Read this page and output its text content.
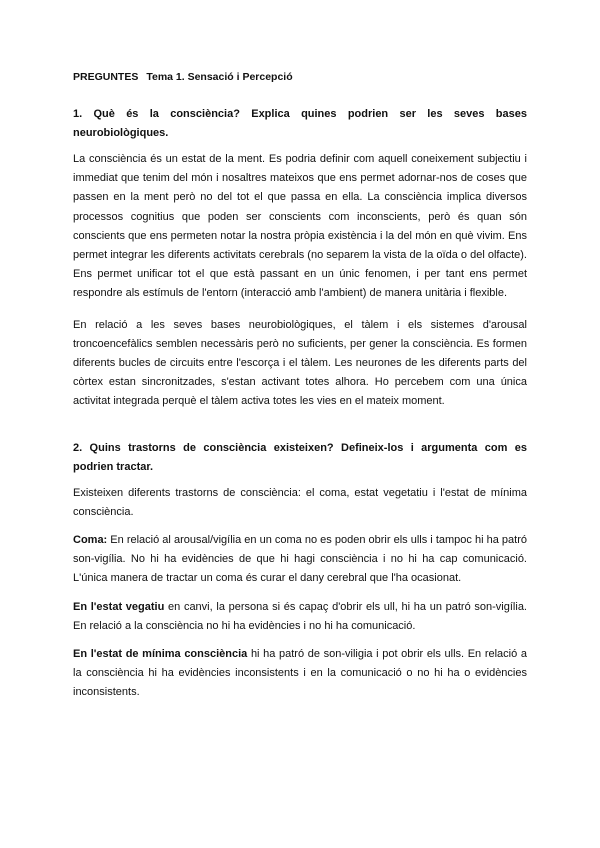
PREGUNTES Tema 1. Sensació i Percepció
1. Què és la consciència? Explica quines podrien ser les seves bases neurobiològiques.

La consciència és un estat de la ment. Es podria definir com aquell coneixement subjectiu i immediat que tenim del món i nosaltres mateixos que ens permet adornar-nos de coses que passen en la ment però no del tot el que passa en ella. La consciència implica diversos processos cognitius que poden ser conscients com inconscients, però és quan són conscients que ens permeten notar la nostra pròpia existència i la del món en què vivim. Ens permet integrar les diferents activitats cerebrals (no separem la vista de la oïda o del olfacte). Ens permet unificar tot el que està passant en un únic fenomen, i per tant ens permet respondre als estímuls de l'entorn (interacció amb l'ambient) de manera unitària i flexible.

En relació a les seves bases neurobiològiques, el tàlem i els sistemes d'arousal troncoencefàlics semblen necessàris però no suficients, per gener la consciència. Es formen diferents bucles de circuits entre l'escorça i el tàlem. Les neurones de les diferents parts del còrtex estan sincronitzades, s'estan activant totes alhora. Ho percebem com una única activitat integrada perquè el tàlem activa totes les vies en el mateix moment.

2. Quins trastorns de consciència existeixen? Defineix-los i argumenta com es podrien tractar.

Existeixen diferents trastorns de consciència: el coma, estat vegetatiu i l'estat de mínima consciència.

Coma: En relació al arousal/vigília en un coma no es poden obrir els ulls i tampoc hi ha patró son-vigília. No hi ha evidències de que hi hagi consciència i no hi ha cap comunicació. L'única manera de tractar un coma és curar el dany cerebral que l'ha ocasionat.

En l'estat vegatiu en canvi, la persona si és capaç d'obrir els ull, hi ha un patró son-vigília. En relació a la consciència no hi ha evidències i no hi ha comunicació.

En l'estat de mínima consciència hi ha patró de son-viligia i pot obrir els ulls. En relació a la consciència hi ha evidències inconsistents i en la comunicació o no hi ha o evidències inconsistents.
